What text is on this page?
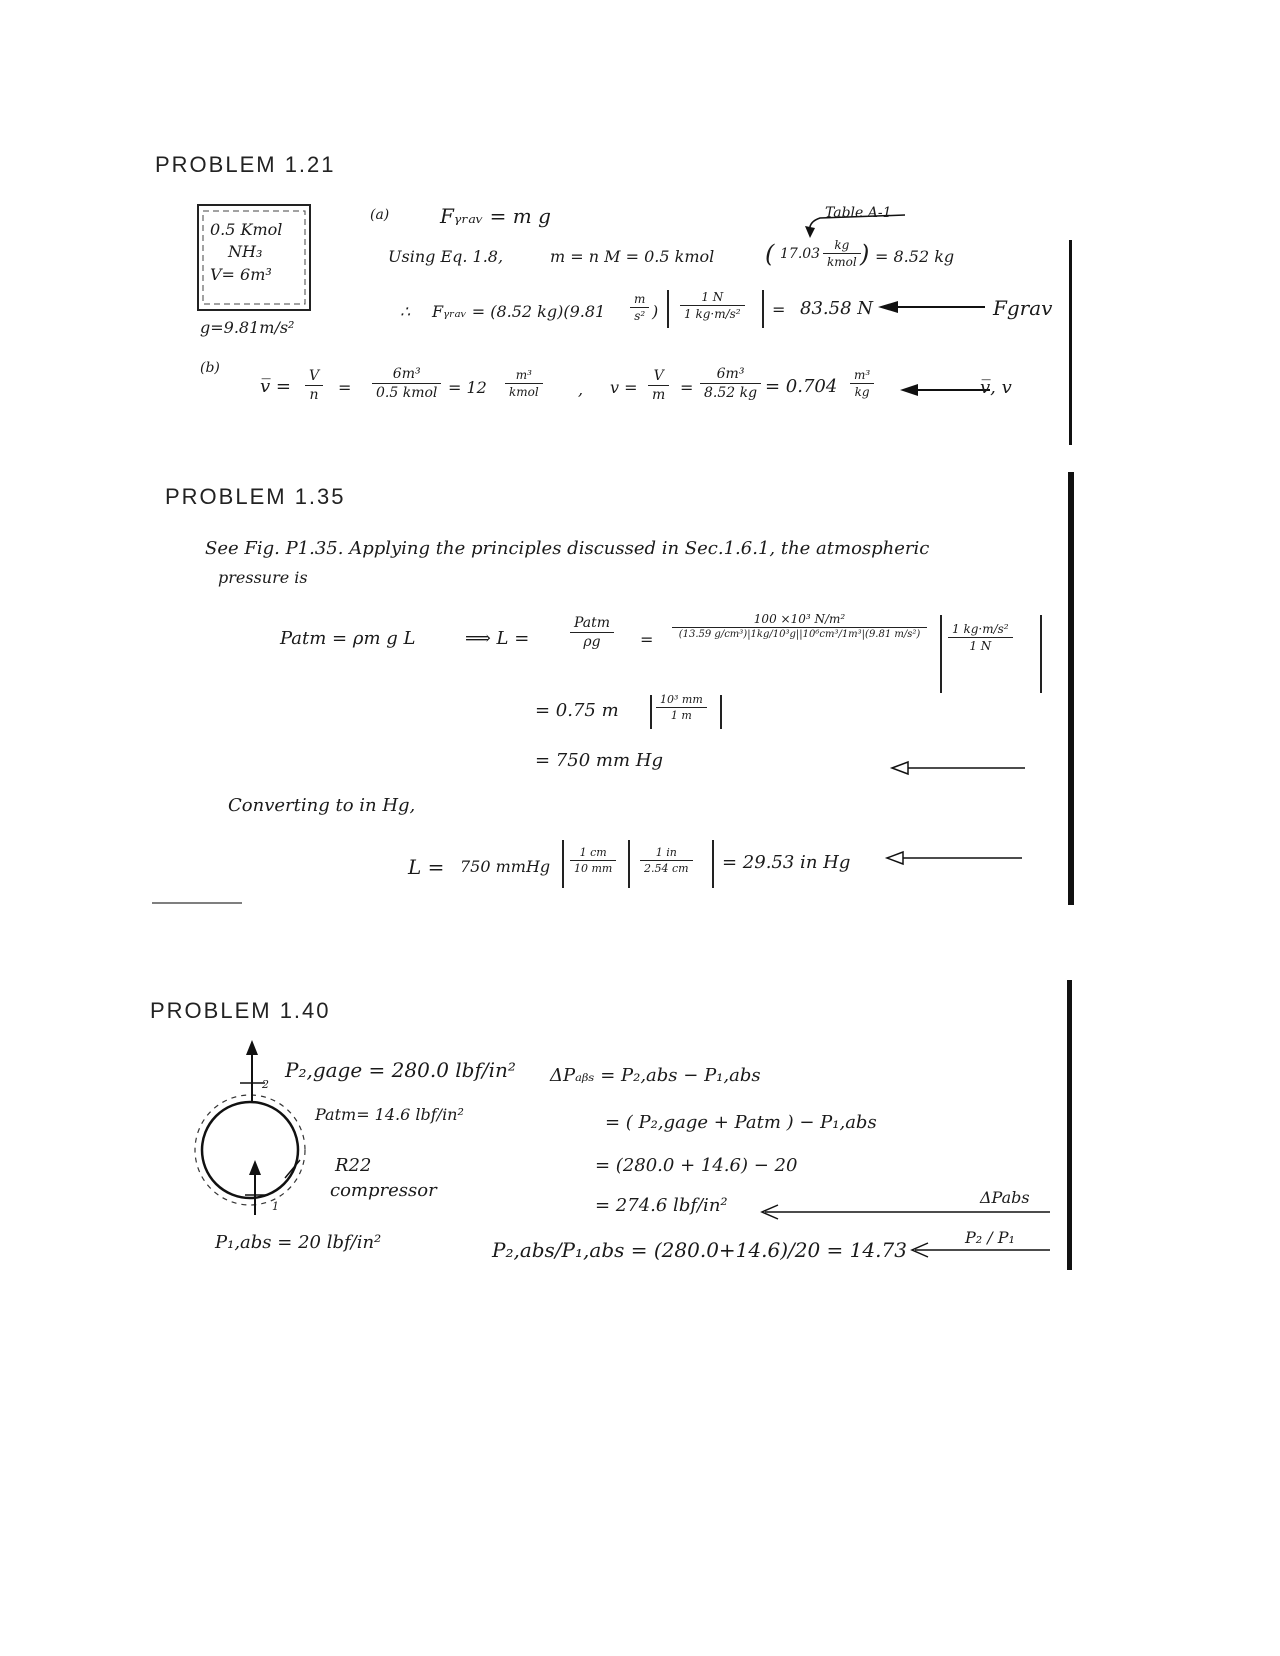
PROBLEM 1.21
0.5 Kmol
NH₃
V= 6m³
g=9.81m/s²
(a)	Fᵧᵣₐᵥ = m g	Table A-1
Using Eq. 1.8,	m = n M = 0.5 kmol ( 17.03
kg
kmol ) = 8.52 kg
∴ Fᵧᵣₐᵥ = (8.52 $kg)(9.81 \frac{m}{\text{s²}}$ ) $\frac{1 N}{\text{1 kg·m/s²}} = 83.58$ N	Fgrav
(b)
v̅ = $\frac{V}{n}$ =
6m³
0.5 kmol = 12
m³
kmol , $v = \frac{V}{m} = \frac{\text{6m³}}{8.52 kg} = 0.704 \frac{\text{m³}}{kg}$	v̅, v
PROBLEM 1.35
See Fig. P1.35. Applying the principles discussed in Sec.1.6.1, the atmospheric
pressure is
Patm = ρm g L	⟹ L =
Patm
ρg	=
100 ×10³ N/m²
(13.59 g/cm³)|1kg/10³g||10⁶cm³/1m³|(9.81 m/s²)	$\frac{\text{1 kg·m/s²}}{1 N}$
= 0.75 m	$\frac{\text{10³ mm}}{1 m}$
= 750 mm Hg
Converting to in Hg,
L = 750 mmHg $\frac{1 cm}{10 mm} \frac{1 in}{2.54 cm} = 29.53$ in Hg
PROBLEM 1.40
2
1
P₂,gage = 280.0 lbf/in²
Patm= 14.6 lbf/in²
R22
compressor
P₁,abs = 20 lbf/in²
ΔPₐᵦₛ = P₂,abs − P₁,abs
= ( P₂,gage + Patm ) − P₁,abs
= (280.0 + 14.6) − 20
= 274.6 lbf/in²	ΔPabs
P₂,abs/P₁,abs = (280.0+14.6)/20 = 14.73
P₂ / P₁
